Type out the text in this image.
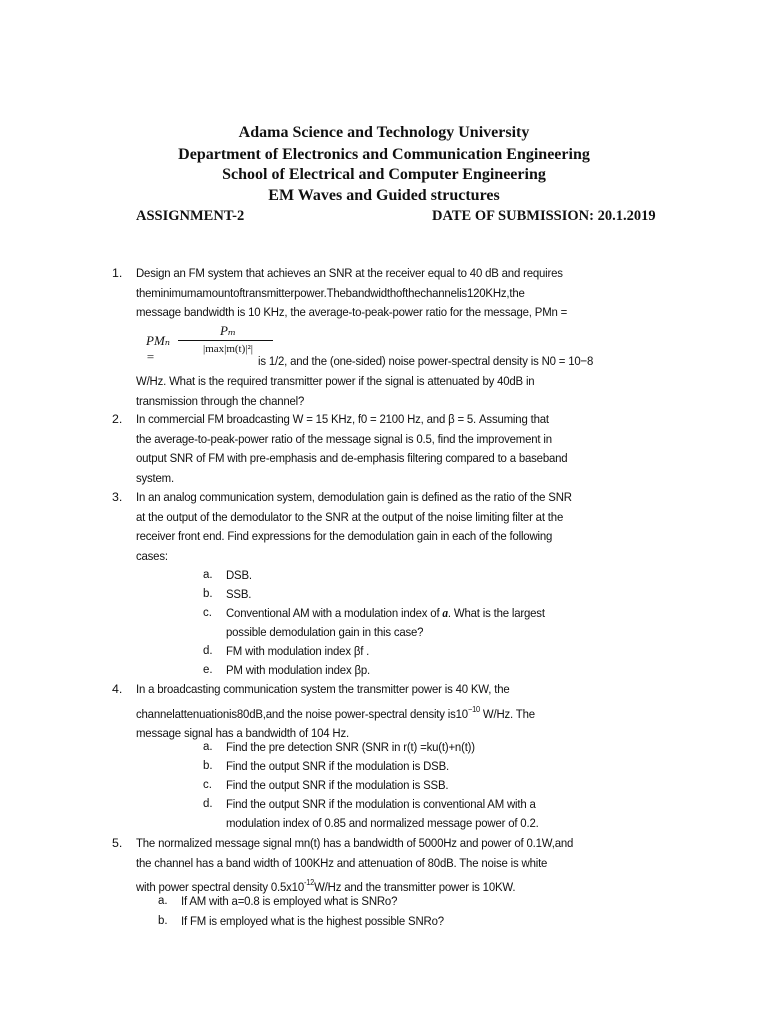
Adama Science and Technology University
Department of Electronics and Communication Engineering
School of Electrical and Computer Engineering
EM Waves and Guided structures
ASSIGNMENT-2	DATE OF SUBMISSION: 20.1.2019
1. Design an FM system that achieves an SNR at the receiver equal to 40 dB and requires
theminimumamountoftransmitterpower.Thebandwidthofthechannelis120KHz,the
message bandwidth is 10 KHz, the average-to-peak-power ratio for the message, PMn =
PMₙ =
Pₘ
|max|m(t)|²|
is 1/2, and the (one-sided) noise power-spectral density is N0 = 10−8
W/Hz. What is the required transmitter power if the signal is attenuated by 40dB in
transmission through the channel?
2. In commercial FM broadcasting W = 15 KHz, f0 = 2100 Hz, and β = 5. Assuming that
the average-to-peak-power ratio of the message signal is 0.5, find the improvement in
output SNR of FM with pre-emphasis and de-emphasis filtering compared to a baseband
system.
3. In an analog communication system, demodulation gain is defined as the ratio of the SNR
at the output of the demodulator to the SNR at the output of the noise limiting filter at the
receiver front end. Find expressions for the demodulation gain in each of the following
cases:
a. DSB.
b. SSB.
c. Conventional AM with a modulation index of a. What is the largest
possible demodulation gain in this case?
d. FM with modulation index βf .
e. PM with modulation index βp.
4. In a broadcasting communication system the transmitter power is 40 KW, the
channelattenuationis80dB,and the noise power-spectral density $is10^{-10}$ W/Hz. The
message signal has a bandwidth of 104 Hz.
a. Find the pre detection SNR (SNR in r(t) =ku(t)+n(t))
b. Find the output SNR if the modulation is DSB.
c. Find the output SNR if the modulation is SSB.
d. Find the output SNR if the modulation is conventional AM with a
modulation index of 0.85 and normalized message power of 0.2.
5. The normalized message signal mn(t) has a bandwidth of 5000Hz and power of 0.1W,and
the channel has a band width of 100KHz and attenuation of 80dB. The noise is white
with power spectral density $0.5x10^{-12}W/Hz$ and the transmitter power is 10KW.
a. If AM with a=0.8 is employed what is SNRo?
b. If FM is employed what is the highest possible SNRo?
